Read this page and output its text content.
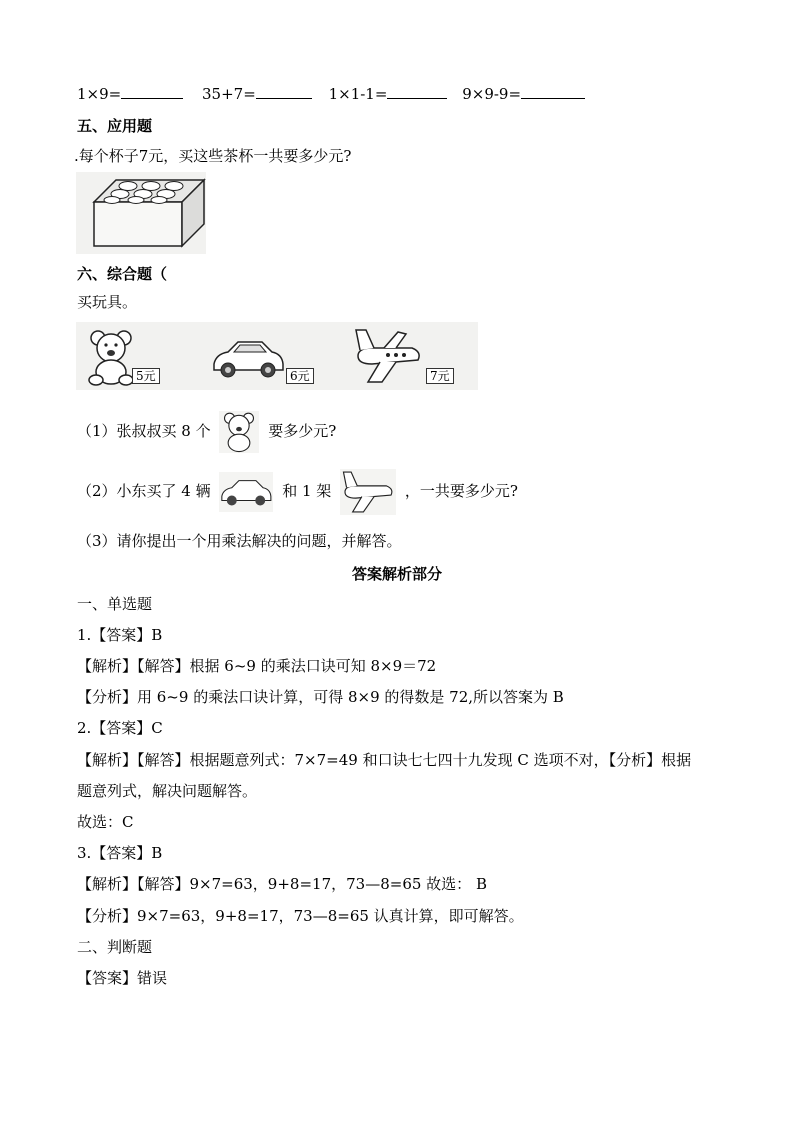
1×9=	35+7=	1×1-1=	9×9-9=
五、应用题
.每个杯子7元，买这些茶杯一共要多少元?
六、综合题（
买玩具。
5元	6元	7元
（1）张叔叔买 8 个	要多少元?
（2）小东买了 4 辆	和 1 架	，一共要多少元?
（3）请你提出一个用乘法解决的问题，并解答。
答案解析部分
一、单选题
1.【答案】B
【解析】【解答】根据 6~9 的乘法口诀可知 8×9＝72
【分析】用 6~9 的乘法口诀计算，可得 8×9 的得数是 72,所以答案为 B
2.【答案】C
【解析】【解答】根据题意列式：7×7=49 和口诀七七四十九发现 C 选项不对，【分析】根据
题意列式，解决问题解答。
故选：C
3.【答案】B
【解析】【解答】9×7=63，9+8=17，73—8=65 故选： B
【分析】9×7=63，9+8=17，73—8=65 认真计算，即可解答。
二、判断题
【答案】错误
